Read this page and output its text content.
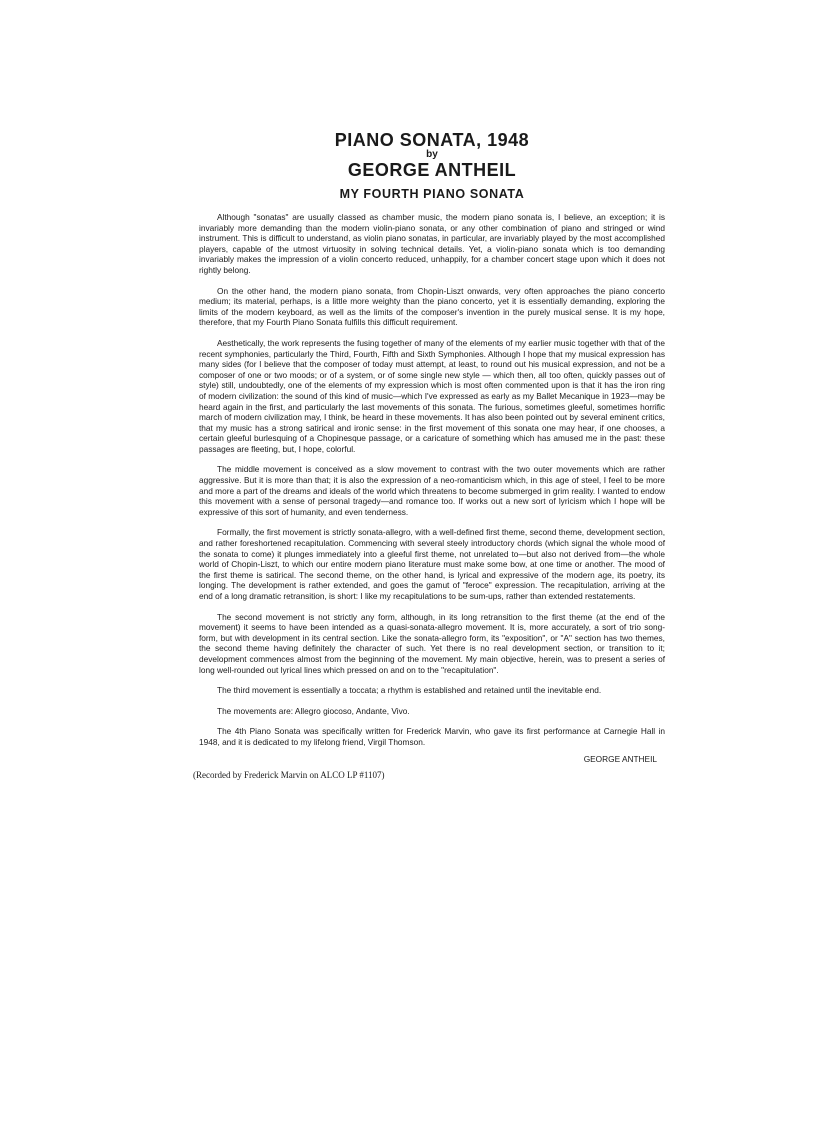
PIANO SONATA, 1948

by

GEORGE ANTHEIL
MY FOURTH PIANO SONATA

Although "sonatas" are usually classed as chamber music, the modern piano sonata is, I believe, an exception; it is invariably more demanding than the modern violin-piano sonata, or any other combination of piano and stringed or wind instrument. This is difficult to understand, as violin piano sonatas, in particular, are invariably played by the most accomplished players, capable of the utmost virtuosity in solving technical details. Yet, a violin-piano sonata which is too demanding invariably makes the impression of a violin concerto reduced, unhappily, for a chamber concert stage upon which it does not rightly belong.

On the other hand, the modern piano sonata, from Chopin-Liszt onwards, very often approaches the piano concerto medium; its material, perhaps, is a little more weighty than the piano concerto, yet it is essentially demanding, exploring the limits of the modern keyboard, as well as the limits of the composer's invention in the purely musical sense. It is my hope, therefore, that my Fourth Piano Sonata fulfills this difficult requirement.

Aesthetically, the work represents the fusing together of many of the elements of my earlier music together with that of the recent symphonies, particularly the Third, Fourth, Fifth and Sixth Symphonies. Although I hope that my musical expression has many sides (for I believe that the composer of today must attempt, at least, to round out his musical expression, and not be a composer of one or two moods; or of a system, or of some single new style — which then, all too often, quickly passes out of style) still, undoubtedly, one of the elements of my expression which is most often commented upon is that it has the iron ring of modern civilization: the sound of this kind of music—which I've expressed as early as my Ballet Mecanique in 1923—may be heard again in the first, and particularly the last movements of this sonata. The furious, sometimes gleeful, sometimes horrific march of modern civilization may, I think, be heard in these movements. It has also been pointed out by several eminent critics, that my music has a strong satirical and ironic sense: in the first movement of this sonata one may hear, if one chooses, a certain gleeful burlesquing of a Chopinesque passage, or a caricature of something which has amused me in the past: these passages are fleeting, but, I hope, colorful.

The middle movement is conceived as a slow movement to contrast with the two outer movements which are rather aggressive. But it is more than that; it is also the expression of a neo-romanticism which, in this age of steel, I feel to be more and more a part of the dreams and ideals of the world which threatens to become submerged in grim reality. I wanted to endow this movement with a sense of personal tragedy—and romance too. If works out a new sort of lyricism which I hope will be expressive of this sort of humanity, and even tenderness.

Formally, the first movement is strictly sonata-allegro, with a well-defined first theme, second theme, development section, and rather foreshortened recapitulation. Commencing with several steely introductory chords (which signal the whole mood of the sonata to come) it plunges immediately into a gleeful first theme, not unrelated to—but also not derived from—the whole world of Chopin-Liszt, to which our entire modern piano literature must make some bow, at one time or another. The mood of the first theme is satirical. The second theme, on the other hand, is lyrical and expressive of the modern age, its poetry, its longing. The development is rather extended, and goes the gamut of "feroce" expression. The recapitulation, arriving at the end of a long dramatic retransition, is short: I like my recapitulations to be sum-ups, rather than extended restatements.

The second movement is not strictly any form, although, in its long retransition to the first theme (at the end of the movement) it seems to have been intended as a quasi-sonata-allegro movement. It is, more accurately, a sort of trio song-form, but with development in its central section. Like the sonata-allegro form, its "exposition", or "A" section has two themes, the second theme having definitely the character of such. Yet there is no real development section, or transition to it; development commences almost from the beginning of the movement. My main objective, herein, was to present a series of long well-rounded out lyrical lines which pressed on and on to the "recapitulation".

The third movement is essentially a toccata; a rhythm is established and retained until the inevitable end.

The movements are: Allegro giocoso, Andante, Vivo.

The 4th Piano Sonata was specifically written for Frederick Marvin, who gave its first performance at Carnegie Hall in 1948, and it is dedicated to my lifelong friend, Virgil Thomson.

GEORGE ANTHEIL
(Recorded by Frederick Marvin on ALCO LP #1107)
